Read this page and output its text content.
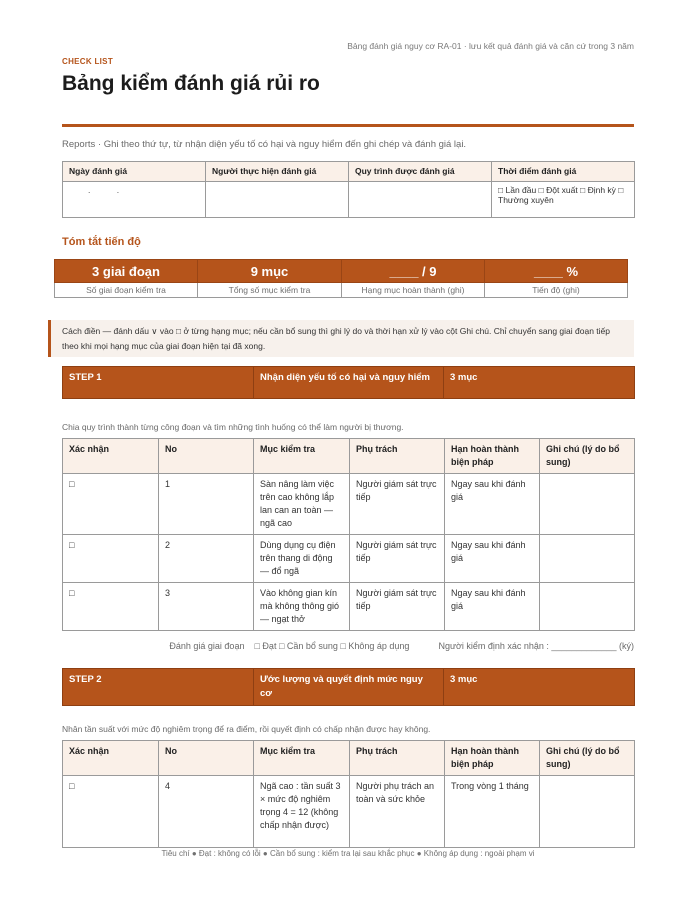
Bảng đánh giá nguy cơ RA-01 · lưu kết quả đánh giá và căn cứ trong 3 năm
CHECK LIST
Bảng kiểm đánh giá rủi ro
Reports · Ghi theo thứ tự, từ nhận diện yếu tố có hại và nguy hiểm đến ghi chép và đánh giá lại.
Ngày đánh giá	Người thực hiện đánh giá	Quy trình được đánh giá	Thời điểm đánh giá
. .			□ Lần đầu □ Đột xuất □ Định kỳ □ Thường xuyên
Tóm tắt tiến độ
3 giai đoạn	9 mục	____ / 9	____ %
Số giai đoạn kiểm tra	Tổng số mục kiểm tra	Hạng mục hoàn thành (ghi)	Tiến độ (ghi)
Cách điền — đánh dấu ∨ vào □ ở từng hạng mục; nếu cần bổ sung thì ghi lý do và thời hạn xử lý vào cột Ghi chú. Chỉ chuyển sang giai đoạn tiếp theo khi mọi hạng mục của giai đoạn hiện tại đã xong.
STEP 1	Nhận diện yếu tố có hại và nguy hiểm	3 mục
Chia quy trình thành từng công đoạn và tìm những tình huống có thể làm người bị thương.
Xác nhận	No	Mục kiểm tra	Phụ trách	Hạn hoàn thành biện pháp	Ghi chú (lý do bổ sung)
□	1	Sàn nâng làm việc trên cao không lắp lan can an toàn — ngã cao	Người giám sát trực tiếp	Ngay sau khi đánh giá	
□	2	Dùng dụng cụ điện trên thang di động — đổ ngã	Người giám sát trực tiếp	Ngay sau khi đánh giá	
□	3	Vào không gian kín mà không thông gió — ngạt thở	Người giám sát trực tiếp	Ngay sau khi đánh giá	
Đánh giá giai đoạn □ Đạt □ Cần bổ sung □ Không áp dụng	Người kiểm định xác nhận : _____________ (ký)
STEP 2	Ước lượng và quyết định mức nguy cơ	3 mục
Nhân tần suất với mức độ nghiêm trọng để ra điểm, rồi quyết định có chấp nhận được hay không.
Xác nhận	No	Mục kiểm tra	Phụ trách	Hạn hoàn thành biện pháp	Ghi chú (lý do bổ sung)
□	4	Ngã cao : tần suất 3 × mức độ nghiêm trọng 4 = 12 (không chấp nhận được)	Người phụ trách an toàn và sức khỏe	Trong vòng 1 tháng	
Tiêu chí ● Đạt : không có lỗi ● Cần bổ sung : kiểm tra lại sau khắc phục ● Không áp dụng : ngoài phạm vi
